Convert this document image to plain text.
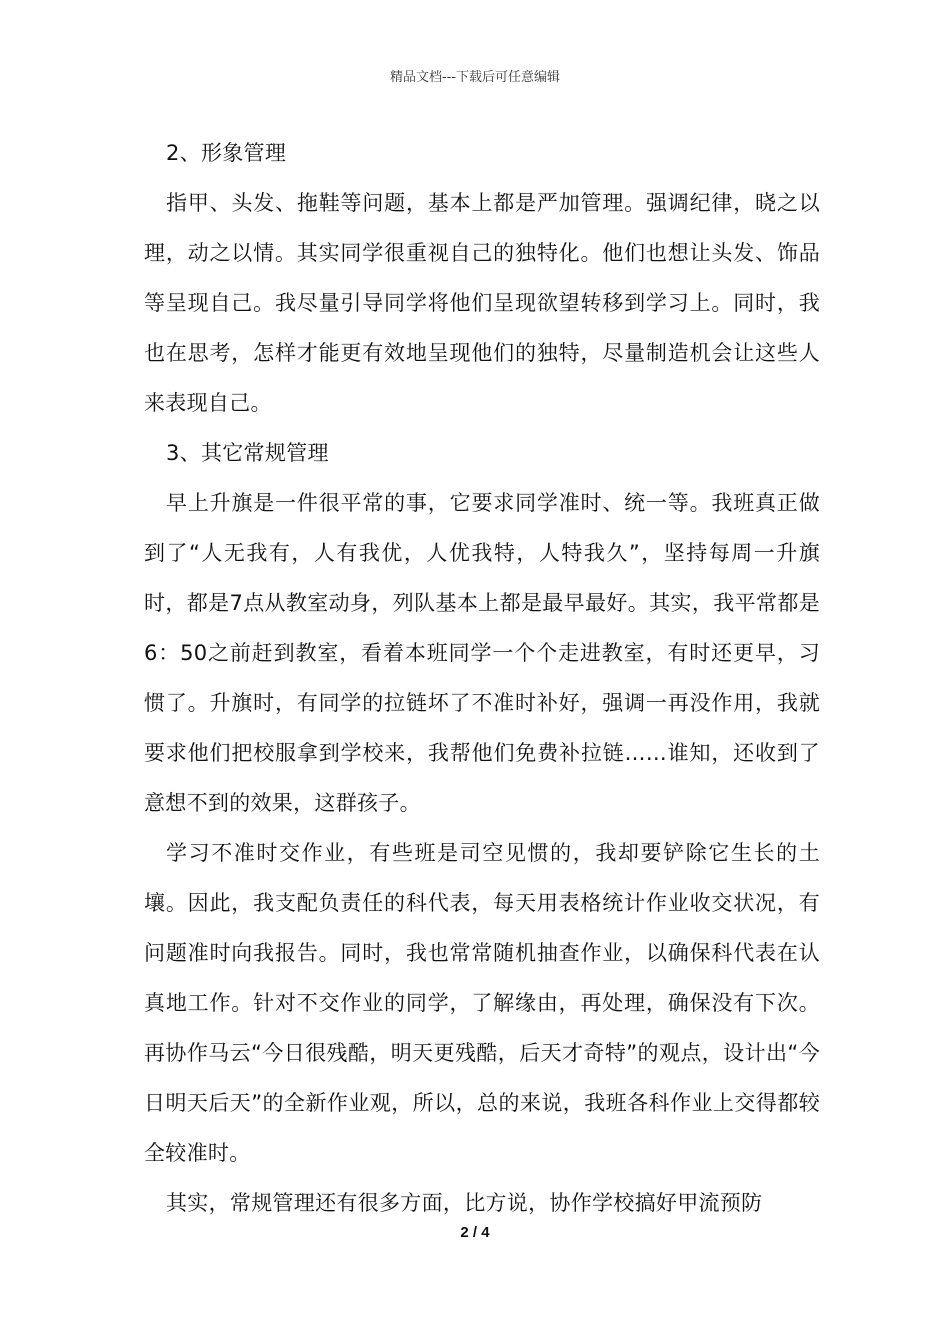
精品文档---下载后可任意编辑

2、形象管理

指甲、头发、拖鞋等问题，基本上都是严加管理。强调纪律，晓之以理，动之以情。其实同学很重视自己的独特化。他们也想让头发、饰品等呈现自己。我尽量引导同学将他们呈现欲望转移到学习上。同时，我也在思考，怎样才能更有效地呈现他们的独特，尽量制造机会让这些人来表现自己。

3、其它常规管理

早上升旗是一件很平常的事，它要求同学准时、统一等。我班真正做到了“人无我有，人有我优，人优我特，人特我久”，坚持每周一升旗时，都是7点从教室动身，列队基本上都是最早最好。其实，我平常都是6：50之前赶到教室，看着本班同学一个个走进教室，有时还更早，习惯了。升旗时，有同学的拉链坏了不准时补好，强调一再没作用，我就要求他们把校服拿到学校来，我帮他们免费补拉链……谁知，还收到了意想不到的效果，这群孩子。

学习不准时交作业，有些班是司空见惯的，我却要铲除它生长的土壤。因此，我支配负责任的科代表，每天用表格统计作业收交状况，有问题准时向我报告。同时，我也常常随机抽查作业，以确保科代表在认真地工作。针对不交作业的同学，了解缘由，再处理，确保没有下次。再协作马云“今日很残酷，明天更残酷，后天才奇特”的观点，设计出“今日明天后天”的全新作业观，所以，总的来说，我班各科作业上交得都较全较准时。

其实，常规管理还有很多方面，比方说，协作学校搞好甲流预防

2 / 4
